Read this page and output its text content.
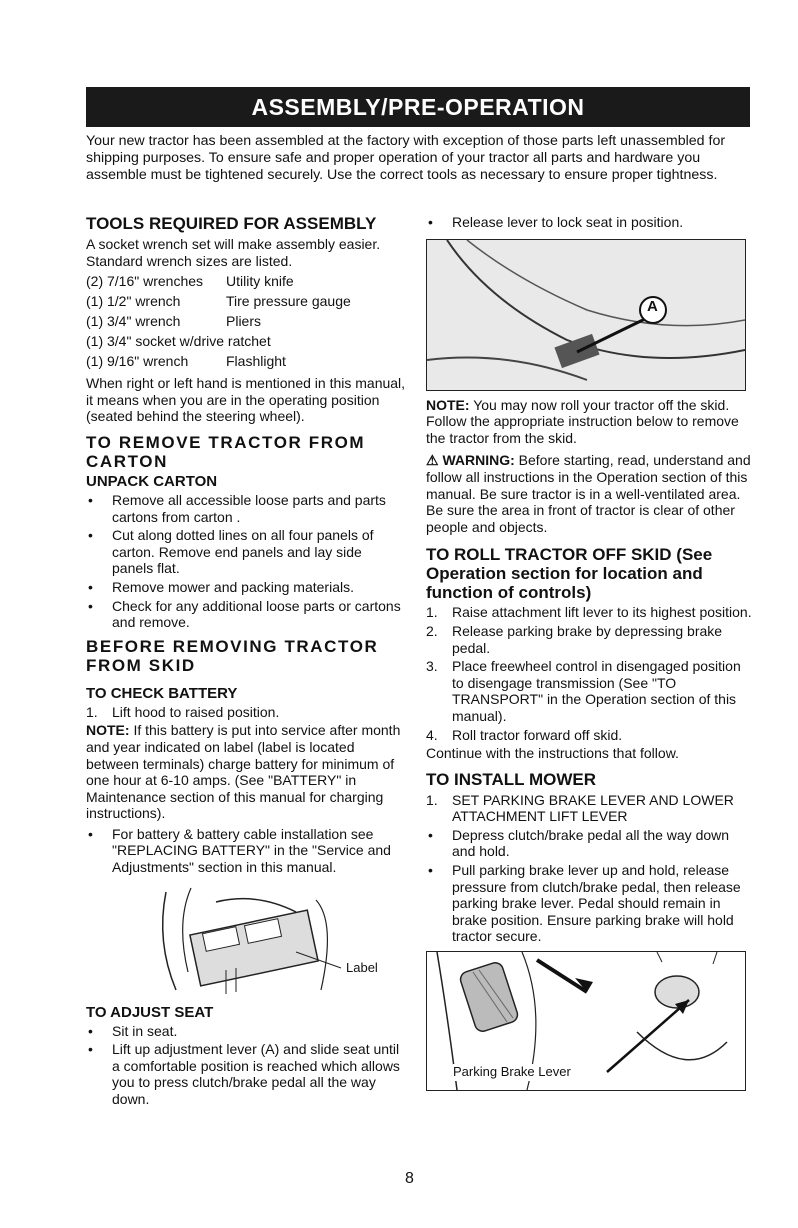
ASSEMBLY/PRE-OPERATION

Your new tractor has been assembled at the factory with exception of those parts left unassembled for shipping purposes. To ensure safe and proper operation of your tractor all parts and hardware you assemble must be tightened securely. Use the correct tools as necessary to ensure proper tightness.

TOOLS REQUIRED FOR ASSEMBLY

A socket wrench set will make assembly easier. Standard wrench sizes are listed.

(2) 7/16" wrenches	Utility knife
(1) 1/2" wrench	Tire pressure gauge
(1) 3/4" wrench	Pliers
(1) 3/4" socket w/drive ratchet
(1) 9/16" wrench	Flashlight

When right or left hand is mentioned in this manual, it means when you are in the operating position (seated behind the steering wheel).

TO REMOVE TRACTOR FROM CARTON
UNPACK CARTON
• Remove all accessible loose parts and parts cartons from carton .
• Cut along dotted lines on all four panels of carton. Remove end panels and lay side panels flat.
• Remove mower and packing materials.
• Check for any additional loose parts or cartons and remove.
BEFORE REMOVING TRACTOR FROM SKID
TO CHECK BATTERY
1. Lift hood to raised position.

NOTE: If this battery is put into service after month and year indicated on label (label is located between terminals) charge battery for minimum of one hour at 6-10 amps. (See "BATTERY" in Maintenance section of this manual for charging instructions).

• For battery & battery cable installation see "REPLACING BATTERY" in the "Service and Adjustments" section in this manual.
Label
TO ADJUST SEAT
• Sit in seat.
• Lift up adjustment lever (A) and slide seat until a comfortable position is reached which allows you to press clutch/brake pedal all the way down.
• Release lever to lock seat in position.
A

NOTE: You may now roll your tractor off the skid. Follow the appropriate instruction below to remove the tractor from the skid.

⚠ WARNING: Before starting, read, understand and follow all instructions in the Operation section of this manual. Be sure tractor is in a well-ventilated area. Be sure the area in front of tractor is clear of other people and objects.

TO ROLL TRACTOR OFF SKID (See Operation section for location and function of controls)
1. Raise attachment lift lever to its highest position.
2. Release parking brake by depressing brake pedal.
3. Place freewheel control in disengaged position to disengage transmission (See "TO TRANSPORT" in the Operation section of this manual).
4. Roll tractor forward off skid.

Continue with the instructions that follow.

TO INSTALL MOWER
1. SET PARKING BRAKE LEVER AND LOWER ATTACHMENT LIFT LEVER
• Depress clutch/brake pedal all the way down and hold.
• Pull parking brake lever up and hold, release pressure from clutch/brake pedal, then release parking brake lever. Pedal should remain in brake position. Ensure parking brake will hold tractor secure.
Parking Brake Lever
8
